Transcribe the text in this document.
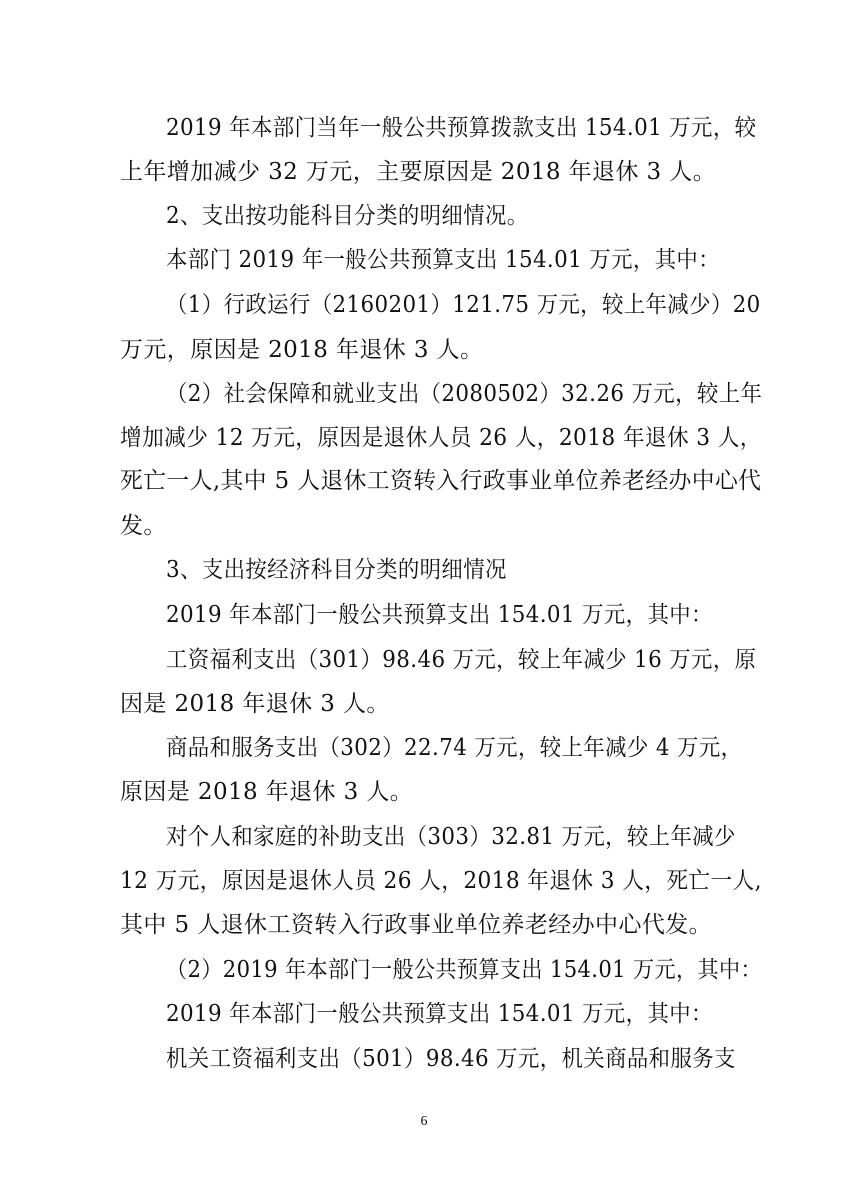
2019 年本部门当年一般公共预算拨款支出 154.01 万元，较
上年增加减少 32 万元，主要原因是 2018 年退休 3 人。
2、支出按功能科目分类的明细情况。
本部门 2019 年一般公共预算支出 154.01 万元，其中：
（1）行政运行（2160201）121.75 万元，较上年减少）20
万元，原因是 2018 年退休 3 人。
（2）社会保障和就业支出（2080502）32.26 万元，较上年
增加减少 12 万元，原因是退休人员 26 人，2018 年退休 3 人，
死亡一人,其中 5 人退休工资转入行政事业单位养老经办中心代
发。
3、支出按经济科目分类的明细情况
2019 年本部门一般公共预算支出 154.01 万元，其中：
工资福利支出（301）98.46 万元，较上年减少 16 万元，原
因是 2018 年退休 3 人。
商品和服务支出（302）22.74 万元，较上年减少 4 万元，
原因是 2018 年退休 3 人。
对个人和家庭的补助支出（303）32.81 万元，较上年减少
12 万元，原因是退休人员 26 人，2018 年退休 3 人，死亡一人,
其中 5 人退休工资转入行政事业单位养老经办中心代发。
（2）2019 年本部门一般公共预算支出 154.01 万元，其中：
2019 年本部门一般公共预算支出 154.01 万元，其中：
机关工资福利支出（501）98.46 万元，机关商品和服务支
6
